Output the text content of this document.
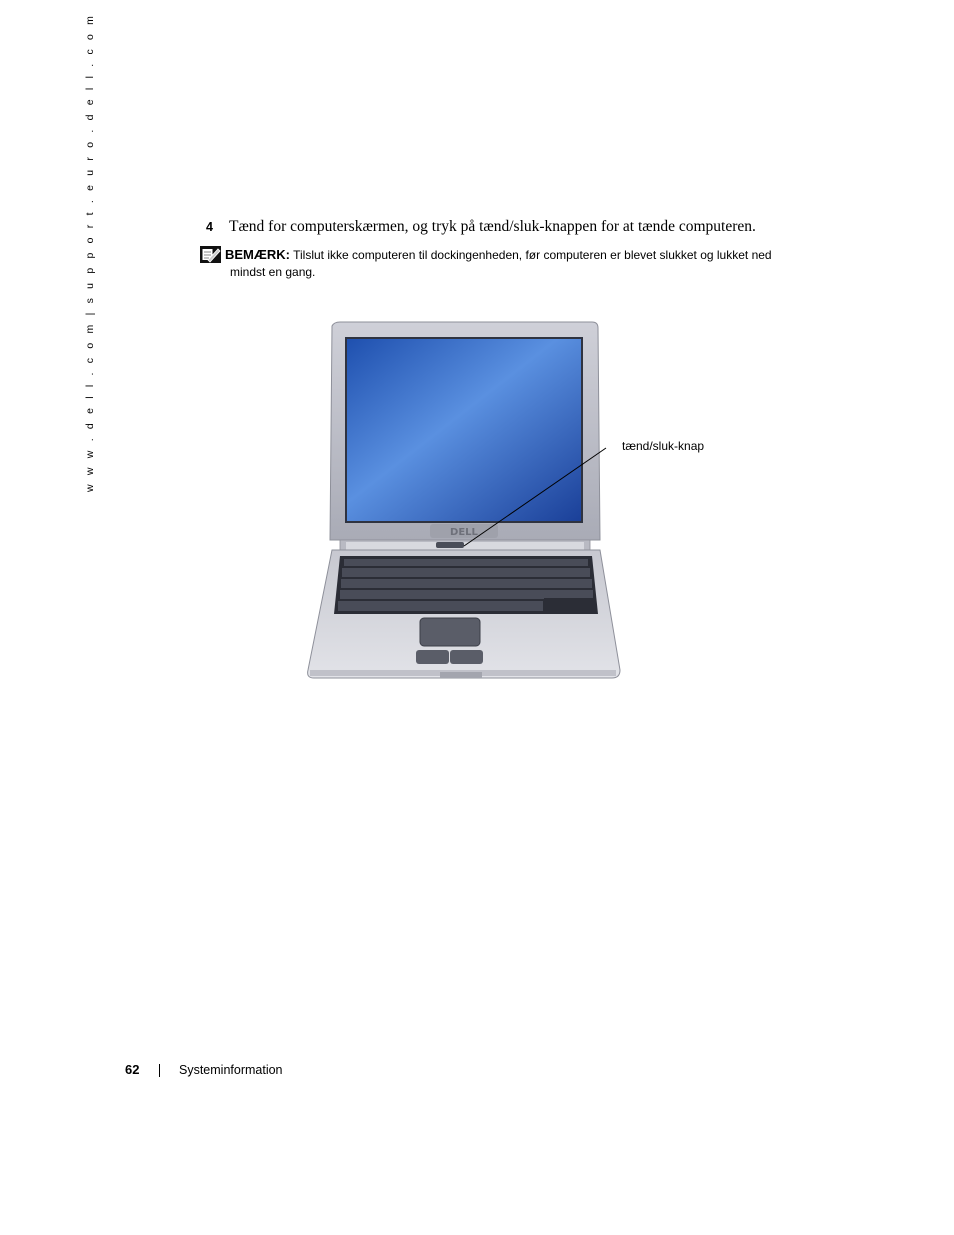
w w w . d e l l . c o m | s u p p o r t . e u r o . d e l l . c o m	4 Tænd for computerskærmen, og tryk på tænd/sluk-knappen for at tænde computeren.
BEMÆRK: Tilslut ikke computeren til dockingenheden, før computeren er blevet slukket og lukket ned
mindst en gang.
DELL
tænd/sluk-knap
62	Systeminformation
